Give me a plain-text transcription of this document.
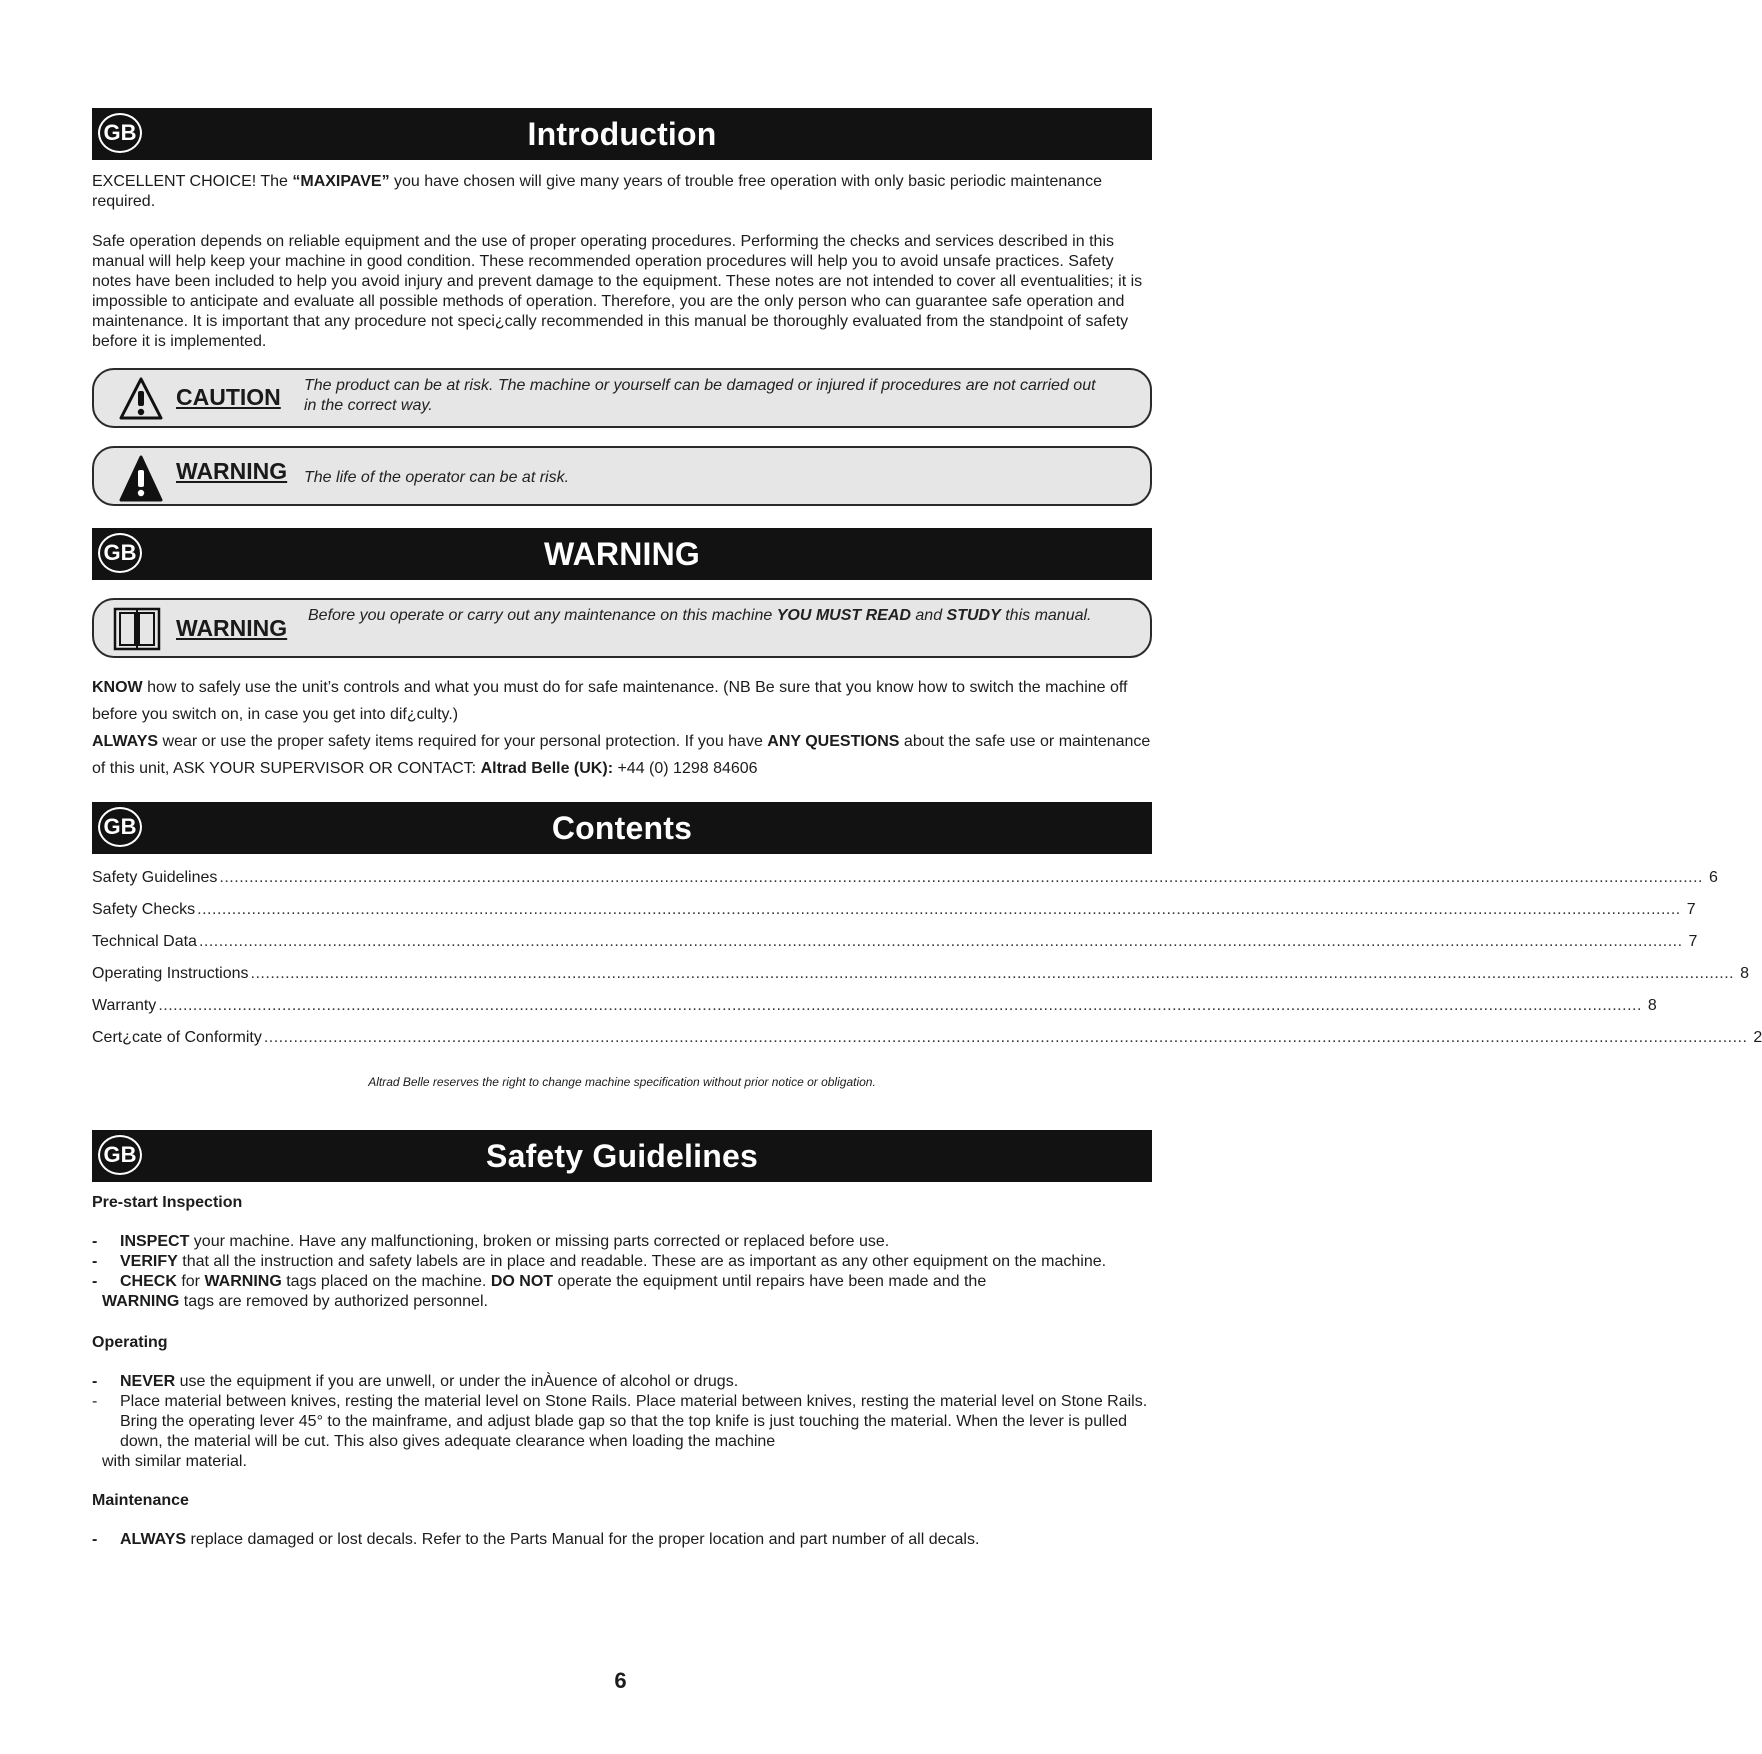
GB	Introduction

EXCELLENT CHOICE! The “MAXIPAVE” you have chosen will give many years of trouble free operation with only basic periodic maintenance required.

Safe operation depends on reliable equipment and the use of proper operating procedures. Performing the checks and services described in this manual will help keep your machine in good condition. These recommended operation procedures will help you to avoid unsafe practices. Safety notes have been included to help you avoid injury and prevent damage to the equipment. These notes are not intended to cover all eventualities; it is impossible to anticipate and evaluate all possible methods of operation. Therefore, you are the only person who can guarantee safe operation and maintenance. It is important that any procedure not speci¿cally recommended in this manual be thoroughly evaluated from the standpoint of safety before it is implemented.

CAUTION The product can be at risk. The machine or yourself can be damaged or injured if procedures are not carried out in the correct way.
WARNING The life of the operator can be at risk.
GB	WARNING
WARNING Before you operate or carry out any maintenance on this machine YOU MUST READ and STUDY this manual.

KNOW how to safely use the unit’s controls and what you must do for safe maintenance. (NB Be sure that you know how to switch the machine off before you switch on, in case you get into dif¿culty.)

ALWAYS wear or use the proper safety items required for your personal protection. If you have ANY QUESTIONS about the safe use or maintenance of this unit, ASK YOUR SUPERVISOR OR CONTACT: Altrad Belle (UK): +44 (0) 1298 84606

GB	Contents
Safety Guidelines ............................................................................................................................................................................................................................................................................................................ 6
Safety Checks ............................................................................................................................................................................................................................................................................................................ 7
Technical Data ............................................................................................................................................................................................................................................................................................................ 7
Operating Instructions ............................................................................................................................................................................................................................................................................................................ 8
Warranty ............................................................................................................................................................................................................................................................................................................ 8
Cert¿cate of Conformity ............................................................................................................................................................................................................................................................................................................ 2

Altrad Belle reserves the right to change machine specification without prior notice or obligation.

GB	Safety Guidelines

Pre-start Inspection

- INSPECT your machine. Have any malfunctioning, broken or missing parts corrected or replaced before use.
- VERIFY that all the instruction and safety labels are in place and readable. These are as important as any other equipment on the machine.
- CHECK for WARNING tags placed on the machine. DO NOT operate the equipment until repairs have been made and the
WARNING tags are removed by authorized personnel.

Operating

- NEVER use the equipment if you are unwell, or under the inÀuence of alcohol or drugs.
- Place material between knives, resting the material level on Stone Rails. Place material between knives, resting the material level on Stone Rails. Bring the operating lever 45° to the mainframe, and adjust blade gap so that the top knife is just touching the material. When the lever is pulled down, the material will be cut. This also gives adequate clearance when loading the machine
with similar material.

Maintenance

- ALWAYS replace damaged or lost decals. Refer to the Parts Manual for the proper location and part number of all decals.
6
